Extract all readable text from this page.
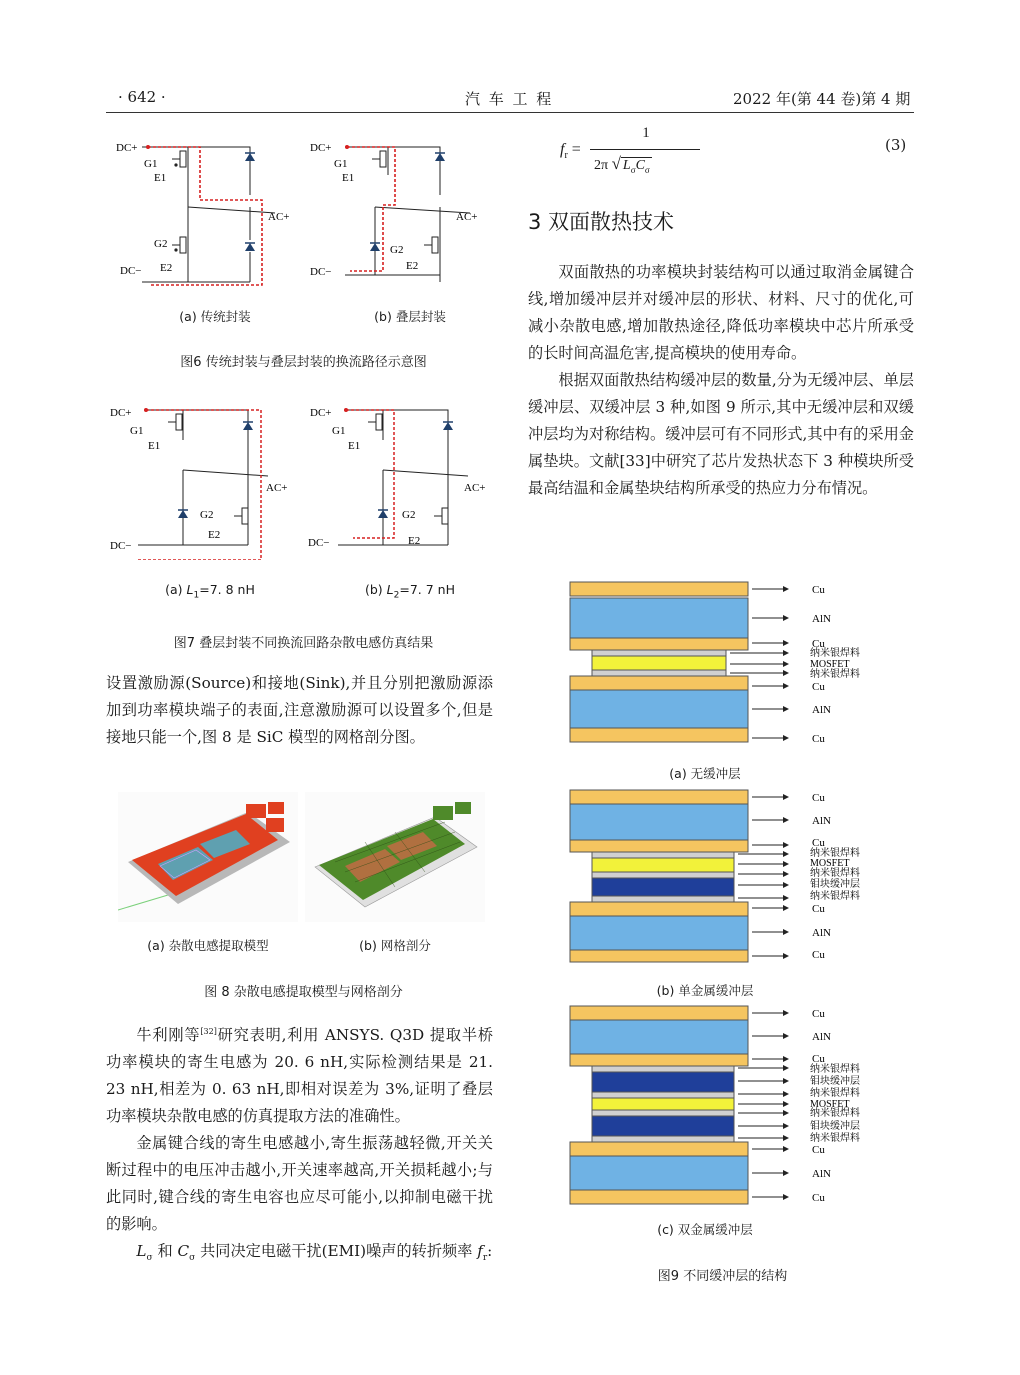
· 642 ·	汽 车 工 程	2022 年(第 44 卷)第 4 期
DC+
G1
E1
AC+
G2
E2
DC−
DC+
G1
E1
AC+
G2
E2
DC−
(a) 传统封装	(b) 叠层封装
图6 传统封装与叠层封装的换流路径示意图
DC+
G1
E1
AC+
G2
E2
DC−
DC+
G1
E1
AC+
G2
E2
DC−
(a) $L_1=7$. 8 nH	(b) $L_2=7$. 7 nH
图7 叠层封装不同换流回路杂散电感仿真结果

设置激励源(Source)和接地(Sink),并且分别把激励源添加到功率模块端子的表面,注意激励源可以设置多个,但是接地只能一个,图 8 是 SiC 模型的网格剖分图。

(a) 杂散电感提取模型	(b) 网格剖分
图 8 杂散电感提取模型与网格剖分

牛利刚等[32]研究表明,利用 ANSYS. Q3D 提取半桥功率模块的寄生电感为 20. 6 nH,实际检测结果是 21. 23 nH,相差为 0. 63 nH,即相对误差为 3%,证明了叠层功率模块杂散电感的仿真提取方法的准确性。

金属键合线的寄生电感越小,寄生振荡越轻微,开关关断过程中的电压冲击越小,开关速率越高,开关损耗越小;与此同时,键合线的寄生电容也应尽可能小,以抑制电磁干扰的影响。

$L_\sigma$ 和 $C_\sigma$ 共同决定电磁干扰(EMI)噪声的转折频率 $f_r$:

$f_r$ =
1
2π √ $L_\sigma C_\sigma$
(3)
3 双面散热技术

双面散热的功率模块封装结构可以通过取消金属键合线,增加缓冲层并对缓冲层的形状、材料、尺寸的优化,可减小杂散电感,增加散热途径,降低功率模块中芯片所承受的长时间高温危害,提高模块的使用寿命。

根据双面散热结构缓冲层的数量,分为无缓冲层、单层缓冲层、双缓冲层 3 种,如图 9 所示,其中无缓冲层和双缓冲层均为对称结构。缓冲层可有不同形式,其中有的采用金属垫块。文献[33]中研究了芯片发热状态下 3 种模块所受最高结温和金属垫块结构所承受的热应力分布情况。

Cu
AlN
Cu
纳米银焊料
MOSFET
纳米银焊料
Cu
AlN
Cu
Cu
AlN
Cu
纳米银焊料
MOSFET
纳米银焊料
钼块缓冲层
纳米银焊料
Cu
AlN
Cu
Cu
AlN
Cu
纳米银焊料
钼块缓冲层
纳米银焊料
MOSFET
纳米银焊料
钼块缓冲层
纳米银焊料
Cu
AlN
Cu
(a) 无缓冲层
(b) 单金属缓冲层
(c) 双金属缓冲层
图9 不同缓冲层的结构
